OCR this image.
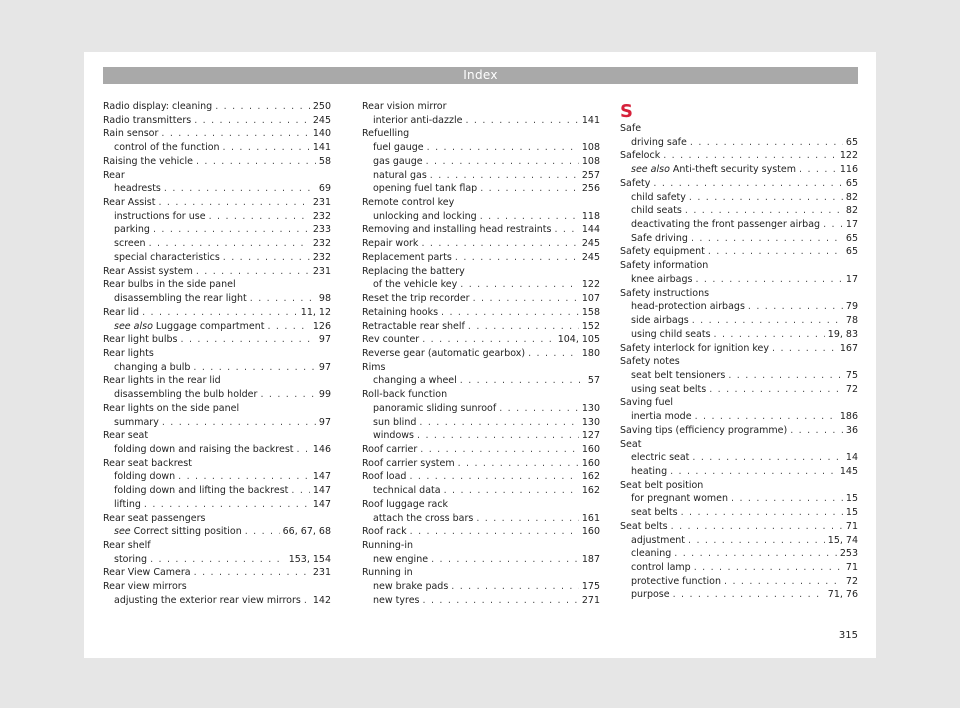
Index
Radio display: cleaning . . .	250
Radio transmitters . . .	245
Rain sensor . . .	140
control of the function . . .	141
Raising the vehicle . . .	58
Rear
headrests . . .	69
Rear Assist . . .	231
instructions for use . . .	232
parking . . .	233
screen . . .	232
special characteristics . . .	232
Rear Assist system . . .	231
Rear bulbs in the side panel
disassembling the rear light . . .	98
Rear lid . . .	11, 12
see also Luggage compartment . . .	126
Rear light bulbs . . .	97
Rear lights
changing a bulb . . .	97
Rear lights in the rear lid
disassembling the bulb holder . . .	99
Rear lights on the side panel
summary . . .	97
Rear seat
folding down and raising the backrest . . . 146
Rear seat backrest
folding down . . .	147
folding down and lifting the backrest . . .	147
lifting . . .	147
Rear seat passengers
see Correct sitting position . . .	66, 67, 68
Rear shelf
storing . . .	153, 154
Rear View Camera . . .	231
Rear view mirrors
adjusting the exterior rear view mirrors . . . 142
Rear vision mirror
interior anti-dazzle . . .	141
Refuelling
fuel gauge . . .	108
gas gauge . . .	108
natural gas . . .	257
opening fuel tank flap . . .	256
Remote control key
unlocking and locking . . .	118
Removing and installing head restraints . . .	144
Repair work . . .	245
Replacement parts . . .	245
Replacing the battery
of the vehicle key . . .	122
Reset the trip recorder . . .	107
Retaining hooks . . .	158
Retractable rear shelf . . .	152
Rev counter . . .	104, 105
Reverse gear (automatic gearbox) . . .	180
Rims
changing a wheel . . .	57
Roll-back function
panoramic sliding sunroof . . .	130
sun blind . . .	130
windows . . .	127
Roof carrier . . .	160
Roof carrier system . . .	160
Roof load . . .	162
technical data . . .	162
Roof luggage rack
attach the cross bars . . .	161
Roof rack . . .	160
Running-in
new engine . . .	187
Running in
new brake pads . . .	175
new tyres . . .	271
S
Safe
driving safe . . .	65
Safelock . . .	122
see also Anti-theft security system . . .	116
Safety . . .	65
child safety . . .	82
child seats . . .	82
deactivating the front passenger airbag . . .	17
Safe driving . . .	65
Safety equipment . . .	65
Safety information
knee airbags . . .	17
Safety instructions
head-protection airbags . . .	79
side airbags . . .	78
using child seats . . .	19, 83
Safety interlock for ignition key . . .	167
Safety notes
seat belt tensioners . . .	75
using seat belts . . .	72
Saving fuel
inertia mode . . .	186
Saving tips (efficiency programme) . . .	36
Seat
electric seat . . .	14
heating . . .	145
Seat belt position
for pregnant women . . .	15
seat belts . . .	15
Seat belts . . .	71
adjustment . . .	15, 74
cleaning . . .	253
control lamp . . .	71
protective function . . .	72
purpose . . .	71, 76
315
